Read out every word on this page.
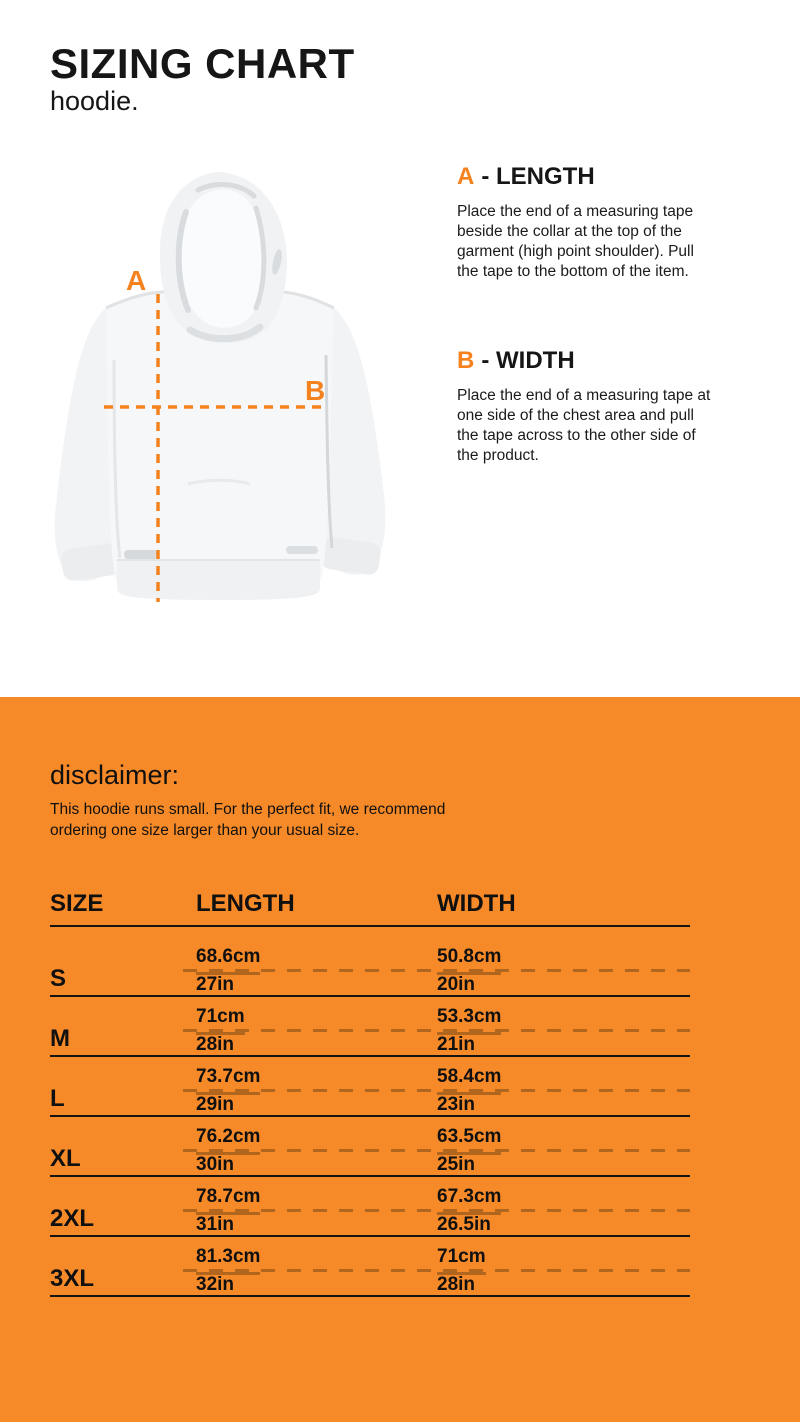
SIZING CHART
hoodie.
A
B
A - LENGTH
Place the end of a measuring tape beside the collar at the top of the garment (high point shoulder). Pull the tape to the bottom of the item.
B - WIDTH
Place the end of a measuring tape at one side of the chest area and pull the tape across to the other side of the product.
disclaimer:
This hoodie runs small. For the perfect fit, we recommend ordering one size larger than your usual size.
SIZE	LENGTH	WIDTH
S
68.6cm
27in
50.8cm
20in
M
71cm
28in
53.3cm
21in
L
73.7cm
29in
58.4cm
23in
XL
76.2cm
30in
63.5cm
25in
2XL
78.7cm
31in
67.3cm
26.5in
3XL
81.3cm
32in
71cm
28in
